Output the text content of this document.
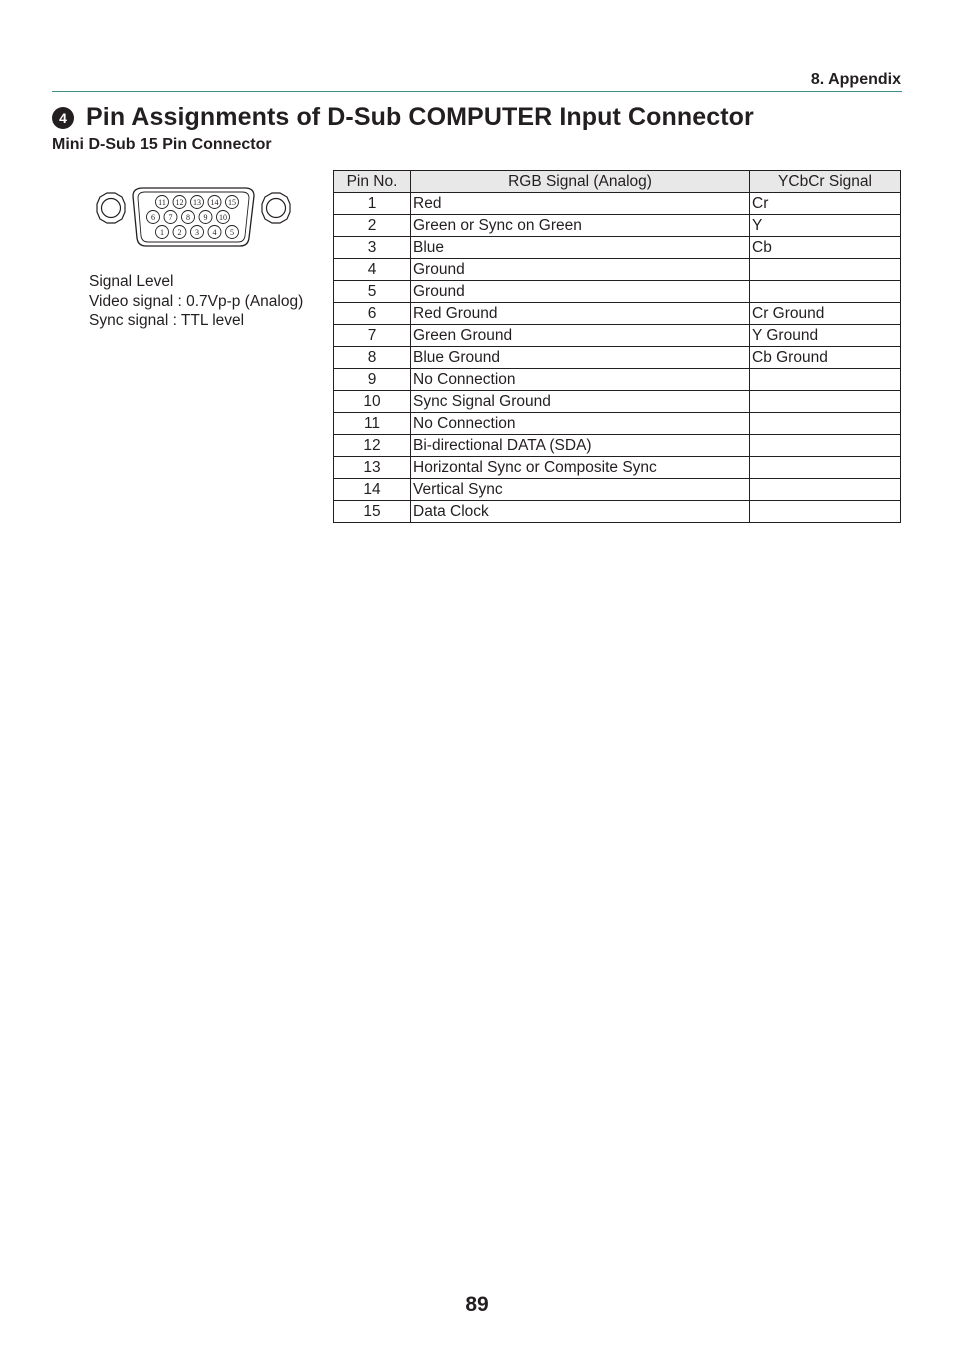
8. Appendix
4 Pin Assignments of D-Sub COMPUTER Input Connector
Mini D-Sub 15 Pin Connector
11 12 13 14 15
6 7 8 9 10
1 2 3 4 5
Signal Level
Video signal : 0.7Vp-p (Analog)
Sync signal : TTL level
Pin No.	RGB Signal (Analog)	YCbCr Signal
1	Red	Cr
2	Green or Sync on Green	Y
3	Blue	Cb
4	Ground	
5	Ground	
6	Red Ground	Cr Ground
7	Green Ground	Y Ground
8	Blue Ground	Cb Ground
9	No Connection	
10	Sync Signal Ground	
11	No Connection	
12	Bi-directional DATA (SDA)	
13	Horizontal Sync or Composite Sync	
14	Vertical Sync	
15	Data Clock	
89
